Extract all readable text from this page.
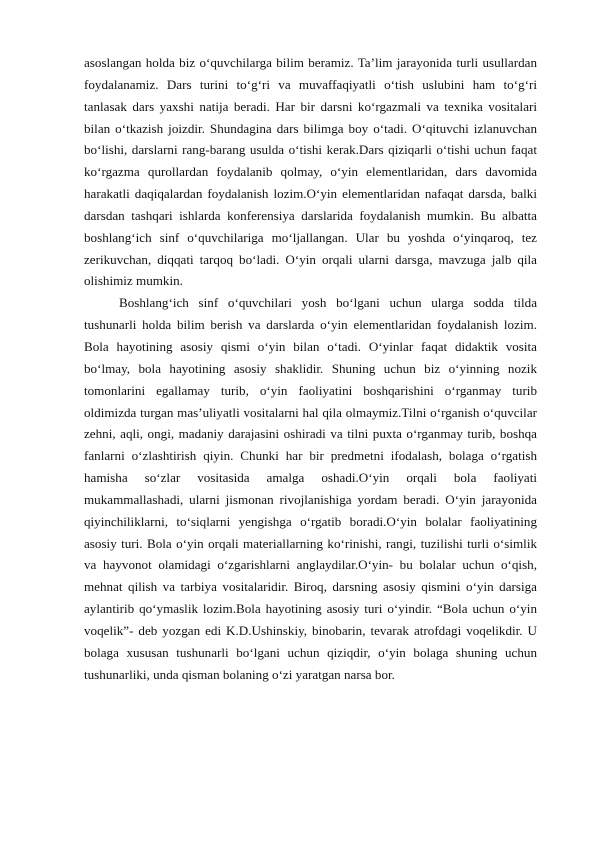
asoslangan holda biz o‘quvchilarga bilim beramiz. Ta’lim jarayonida turli usullardan foydalanamiz. Dars turini to‘g‘ri va muvaffaqiyatli o‘tish uslubini ham to‘g‘ri tanlasak dars yaxshi natija beradi. Har bir darsni ko‘rgazmali va texnika vositalari bilan o‘tkazish joizdir. Shundagina dars bilimga boy o‘tadi. O‘qituvchi izlanuvchan bo‘lishi, darslarni rang-barang usulda o‘tishi kerak.Dars qiziqarli o‘tishi uchun faqat ko‘rgazma qurollardan foydalanib qolmay, o‘yin elementlaridan, dars davomida harakatli daqiqalardan foydalanish lozim.O‘yin elementlaridan nafaqat darsda, balki darsdan tashqari ishlarda konferensiya darslarida foydalanish mumkin. Bu albatta boshlang‘ich sinf o‘quvchilariga mo‘ljallangan. Ular bu yoshda o‘yinqaroq, tez zerikuvchan, diqqati tarqoq bo‘ladi. O‘yin orqali ularni darsga, mavzuga jalb qila olishimiz mumkin.

Boshlang‘ich sinf o‘quvchilari yosh bo‘lgani uchun ularga sodda tilda tushunarli holda bilim berish va darslarda o‘yin elementlaridan foydalanish lozim. Bola hayotining asosiy qismi o‘yin bilan o‘tadi. O‘yinlar faqat didaktik vosita bo‘lmay, bola hayotining asosiy shaklidir. Shuning uchun biz o‘yinning nozik tomonlarini egallamay turib, o‘yin faoliyatini boshqarishini o‘rganmay turib oldimizda turgan mas’uliyatli vositalarni hal qila olmaymiz.Tilni o‘rganish o‘quvcilar zehni, aqli, ongi, madaniy darajasini oshiradi va tilni puxta o‘rganmay turib, boshqa fanlarni o‘zlashtirish qiyin. Chunki har bir predmetni ifodalash, bolaga o‘rgatish hamisha so‘zlar vositasida amalga oshadi.O‘yin orqali bola faoliyati mukammallashadi, ularni jismonan rivojlanishiga yordam beradi. O‘yin jarayonida qiyinchiliklarni, to‘siqlarni yengishga o‘rgatib boradi.O‘yin bolalar faoliyatining asosiy turi. Bola o‘yin orqali materiallarning ko‘rinishi, rangi, tuzilishi turli o‘simlik va hayvonot olamidagi o‘zgarishlarni anglaydilar.O‘yin- bu bolalar uchun o‘qish, mehnat qilish va tarbiya vositalaridir. Biroq, darsning asosiy qismini o‘yin darsiga aylantirib qo‘ymaslik lozim.Bola hayotining asosiy turi o‘yindir. “Bola uchun o‘yin voqelik”- deb yozgan edi K.D.Ushinskiy, binobarin, tevarak atrofdagi voqelikdir. U bolaga xususan tushunarli bo‘lgani uchun qiziqdir, o‘yin bolaga shuning uchun tushunarliki, unda qisman bolaning o‘zi yaratgan narsa bor.
